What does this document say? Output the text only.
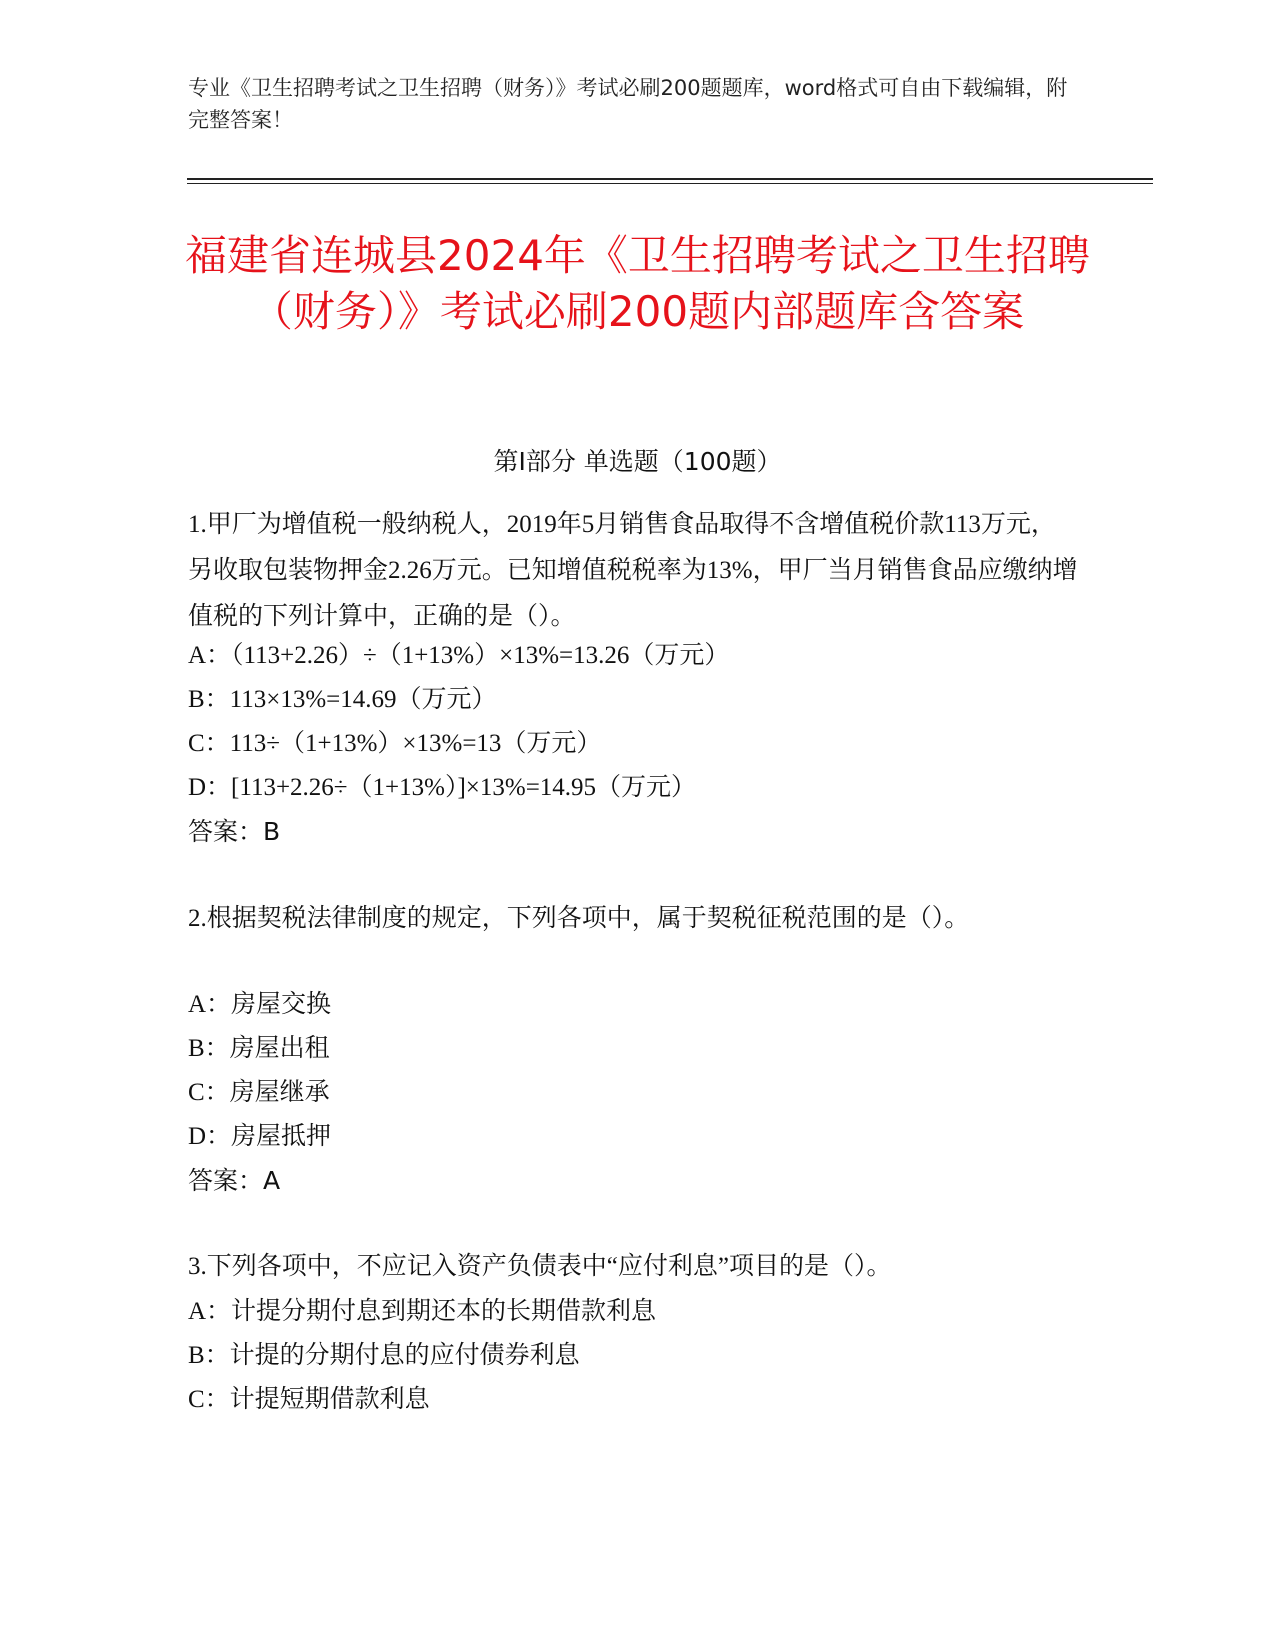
专业《卫生招聘考试之卫生招聘（财务）》考试必刷200题题库，word格式可自由下载编辑，附完整答案！
福建省连城县2024年《卫生招聘考试之卫生招聘（财务）》考试必刷200题内部题库含答案
第Ⅰ部分 单选题（100题）
1.甲厂为增值税一般纳税人，2019年5月销售食品取得不含增值税价款113万元，另收取包装物押金2.26万元。已知增值税税率为13%，甲厂当月销售食品应缴纳增值税的下列计算中，正确的是（）。
A：（113+2.26）÷（1+13%）×13%=13.26（万元）
B：113×13%=14.69（万元）
C：113÷（1+13%）×13%=13（万元）
D：[113+2.26÷（1+13%）]×13%=14.95（万元）
答案：B
2.根据契税法律制度的规定，下列各项中，属于契税征税范围的是（）。
A：房屋交换
B：房屋出租
C：房屋继承
D：房屋抵押
答案：A
3.下列各项中，不应记入资产负债表中“应付利息”项目的是（）。
A：计提分期付息到期还本的长期借款利息
B：计提的分期付息的应付债券利息
C：计提短期借款利息
